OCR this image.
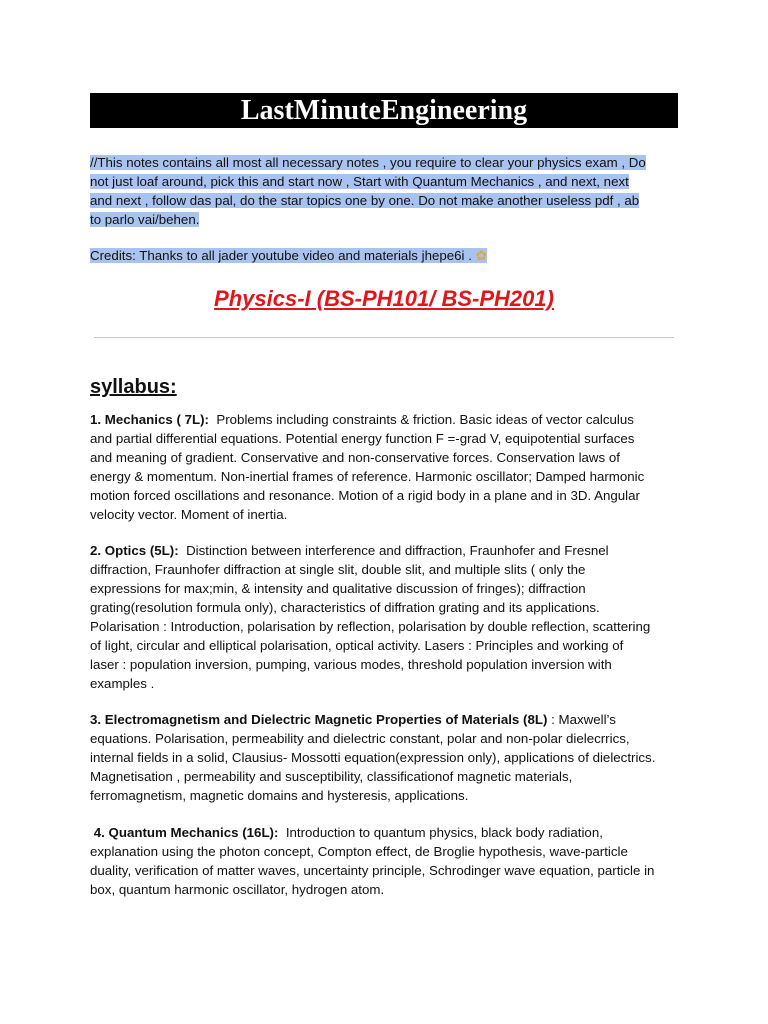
LastMinuteEngineering
//This notes contains all most all necessary notes , you require to clear your physics exam , Do
not just loaf around, pick this and start now , Start with Quantum Mechanics , and next, next
and next , follow das pal, do the star topics one by one. Do not make another useless pdf , ab
to parlo vai/behen.
Credits: Thanks to all jader youtube video and materials jhepe6i . ✿
Physics-I (BS-PH101/ BS-PH201)
syllabus:
1. Mechanics ( 7L): Problems including constraints & friction. Basic ideas of vector calculus
and partial differential equations. Potential energy function F =-grad V, equipotential surfaces
and meaning of gradient. Conservative and non-conservative forces. Conservation laws of
energy & momentum. Non-inertial frames of reference. Harmonic oscillator; Damped harmonic
motion forced oscillations and resonance. Motion of a rigid body in a plane and in 3D. Angular
velocity vector. Moment of inertia.
2. Optics (5L): Distinction between interference and diffraction, Fraunhofer and Fresnel
diffraction, Fraunhofer diffraction at single slit, double slit, and multiple slits ( only the
expressions for max;min, & intensity and qualitative discussion of fringes); diffraction
grating(resolution formula only), characteristics of diffration grating and its applications.
Polarisation : Introduction, polarisation by reflection, polarisation by double reflection, scattering
of light, circular and elliptical polarisation, optical activity. Lasers : Principles and working of
laser : population inversion, pumping, various modes, threshold population inversion with
examples .
3. Electromagnetism and Dielectric Magnetic Properties of Materials (8L) : Maxwell’s
equations. Polarisation, permeability and dielectric constant, polar and non-polar dielecrrics,
internal fields in a solid, Clausius- Mossotti equation(expression only), applications of dielectrics.
Magnetisation , permeability and susceptibility, classificationof magnetic materials,
ferromagnetism, magnetic domains and hysteresis, applications.
4. Quantum Mechanics (16L): Introduction to quantum physics, black body radiation,
explanation using the photon concept, Compton effect, de Broglie hypothesis, wave-particle
duality, verification of matter waves, uncertainty principle, Schrodinger wave equation, particle in
box, quantum harmonic oscillator, hydrogen atom.
